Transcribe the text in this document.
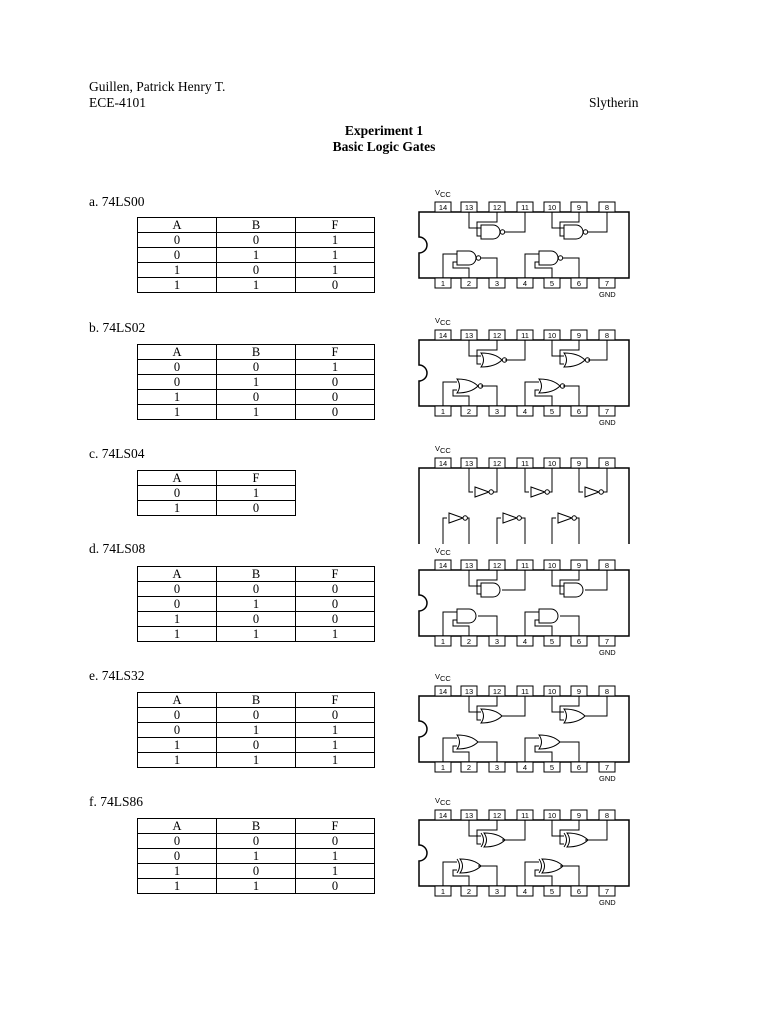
Guillen, Patrick Henry T.
ECE-4101	Slytherin
Experiment 1
Basic Logic Gates
a. 74LS00
A	B	F
0	0	1
0	1	1
1	0	1
1	1	0
V CC
14 13	12	11	10	9	8
1	2	3	4	5	6	7
GND
b. 74LS02
A	B	F
0	0	1
0	1	0
1	0	0
1	1	0
V CC
14 13	12	11	10	9	8
1	2	3	4	5	6	7
GND
c. 74LS04
A	F
0	1
1	0
V CC
14 13	12	11	10	9	8
d. 74LS08
A	B	F
0	0	0
0	1	0
1	0	0
1	1	1
V CC
14 13	12	11	10	9	8
1	2	3	4	5	6	7
GND
e. 74LS32
A	B	F
0	0	0
0	1	1
1	0	1
1	1	1
V CC
14 13	12	11	10	9	8
1	2	3	4	5	6	7
GND
f. 74LS86
A	B	F
0	0	0
0	1	1
1	0	1
1	1	0
V CC
14 13	12	11	10	9	8
1	2	3	4	5	6	7
GND
